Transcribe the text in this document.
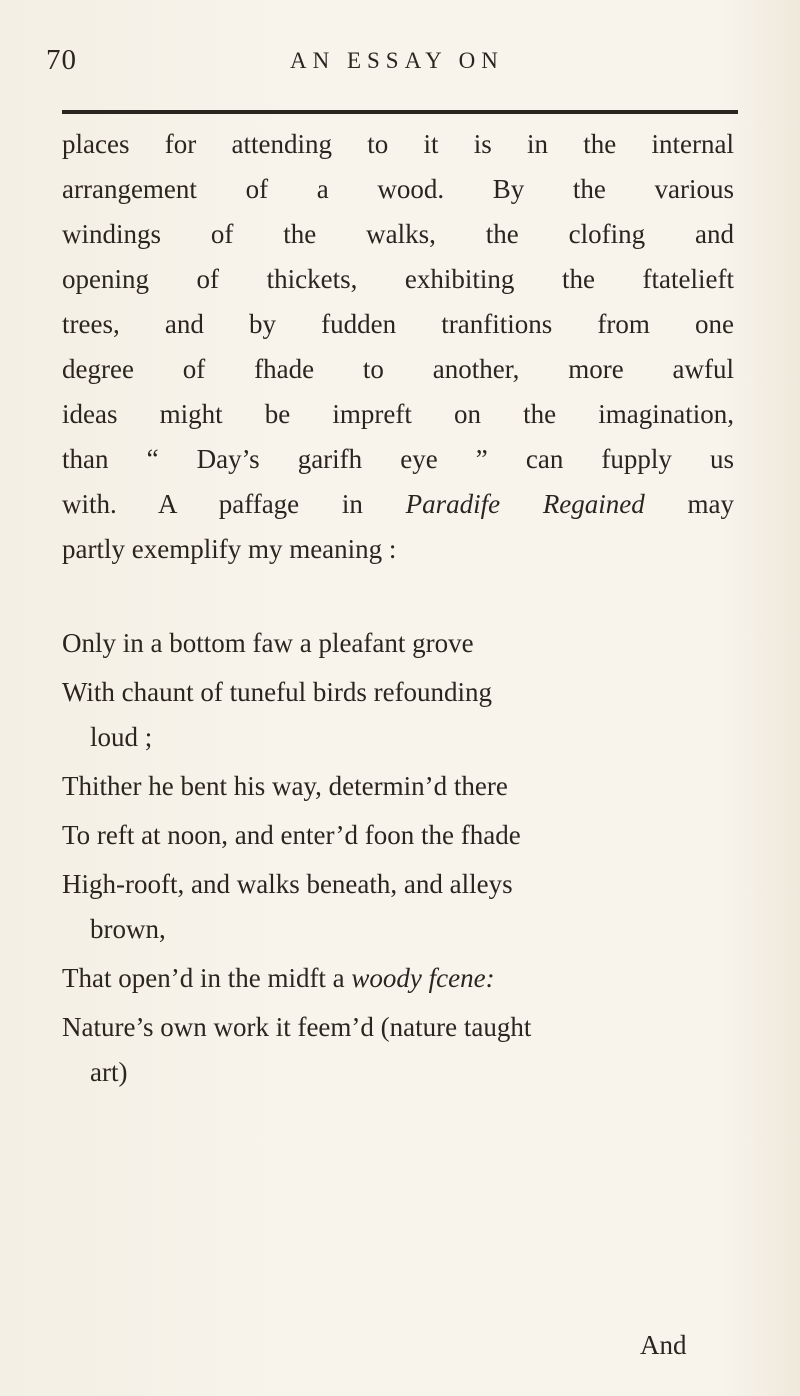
70	AN ESSAY ON
places for attending to it is in the internal
arrangement of a wood. By the various
windings of the walks, the clofing and
opening of thickets, exhibiting the ftatelieft
trees, and by fudden tranfitions from one
degree of fhade to another, more awful
ideas might be impreft on the imagination,
than “ Day’s garifh eye ” can fupply us
with. A paffage in Paradife Regained may
partly exemplify my meaning :
Only in a bottom faw a pleafant grove
With chaunt of tuneful birds refounding
loud ;
Thither he bent his way, determin’d there
To reft at noon, and enter’d foon the fhade
High-rooft, and walks beneath, and alleys
brown,
That open’d in the midft a woody fcene:
Nature’s own work it feem’d (nature taught
art)
And
